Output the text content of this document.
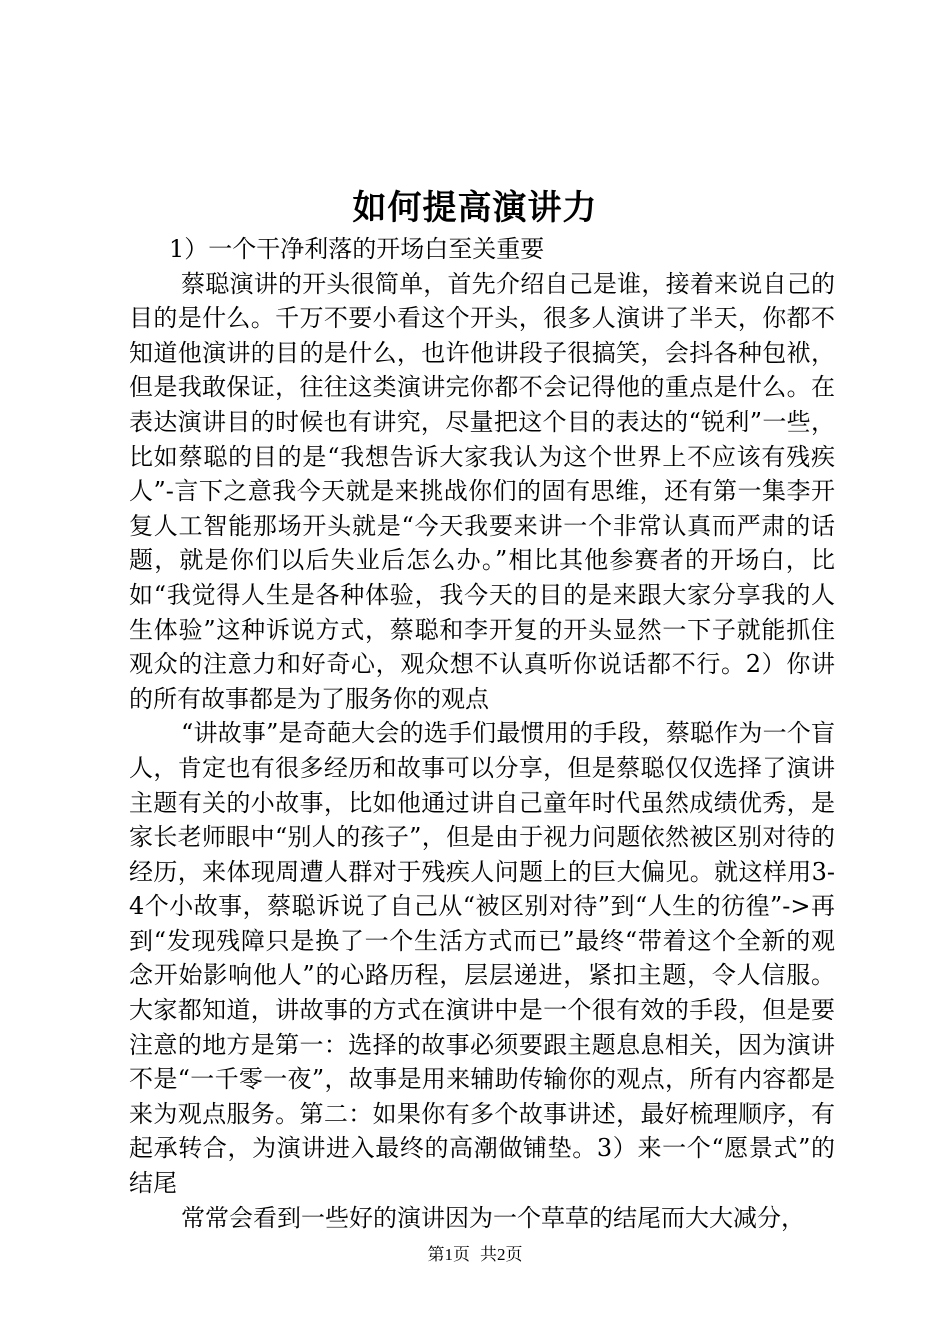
如何提高演讲力

1）一个干净利落的开场白至关重要

蔡聪演讲的开头很简单，首先介绍自己是谁，接着来说自己的目的是什么。千万不要小看这个开头，很多人演讲了半天，你都不知道他演讲的目的是什么，也许他讲段子很搞笑，会抖各种包袱，但是我敢保证，往往这类演讲完你都不会记得他的重点是什么。在表达演讲目的时候也有讲究，尽量把这个目的表达的“锐利”一些，比如蔡聪的目的是“我想告诉大家我认为这个世界上不应该有残疾人”-言下之意我今天就是来挑战你们的固有思维，还有第一集李开复人工智能那场开头就是“今天我要来讲一个非常认真而严肃的话题，就是你们以后失业后怎么办。”相比其他参赛者的开场白，比如“我觉得人生是各种体验，我今天的目的是来跟大家分享我的人生体验”这种诉说方式，蔡聪和李开复的开头显然一下子就能抓住观众的注意力和好奇心，观众想不认真听你说话都不行。2）你讲的所有故事都是为了服务你的观点

“讲故事”是奇葩大会的选手们最惯用的手段，蔡聪作为一个盲人，肯定也有很多经历和故事可以分享，但是蔡聪仅仅选择了演讲主题有关的小故事，比如他通过讲自己童年时代虽然成绩优秀，是家长老师眼中“别人的孩子”，但是由于视力问题依然被区别对待的经历，来体现周遭人群对于残疾人问题上的巨大偏见。就这样用3-4个小故事，蔡聪诉说了自己从“被区别对待”到“人生的彷徨”->再到“发现残障只是换了一个生活方式而已”最终“带着这个全新的观念开始影响他人”的心路历程，层层递进，紧扣主题，令人信服。大家都知道，讲故事的方式在演讲中是一个很有效的手段，但是要注意的地方是第一：选择的故事必须要跟主题息息相关，因为演讲不是“一千零一夜”，故事是用来辅助传输你的观点，所有内容都是来为观点服务。第二：如果你有多个故事讲述，最好梳理顺序，有起承转合，为演讲进入最终的高潮做铺垫。3）来一个“愿景式”的结尾

常常会看到一些好的演讲因为一个草草的结尾而大大减分，

第1页 共2页
